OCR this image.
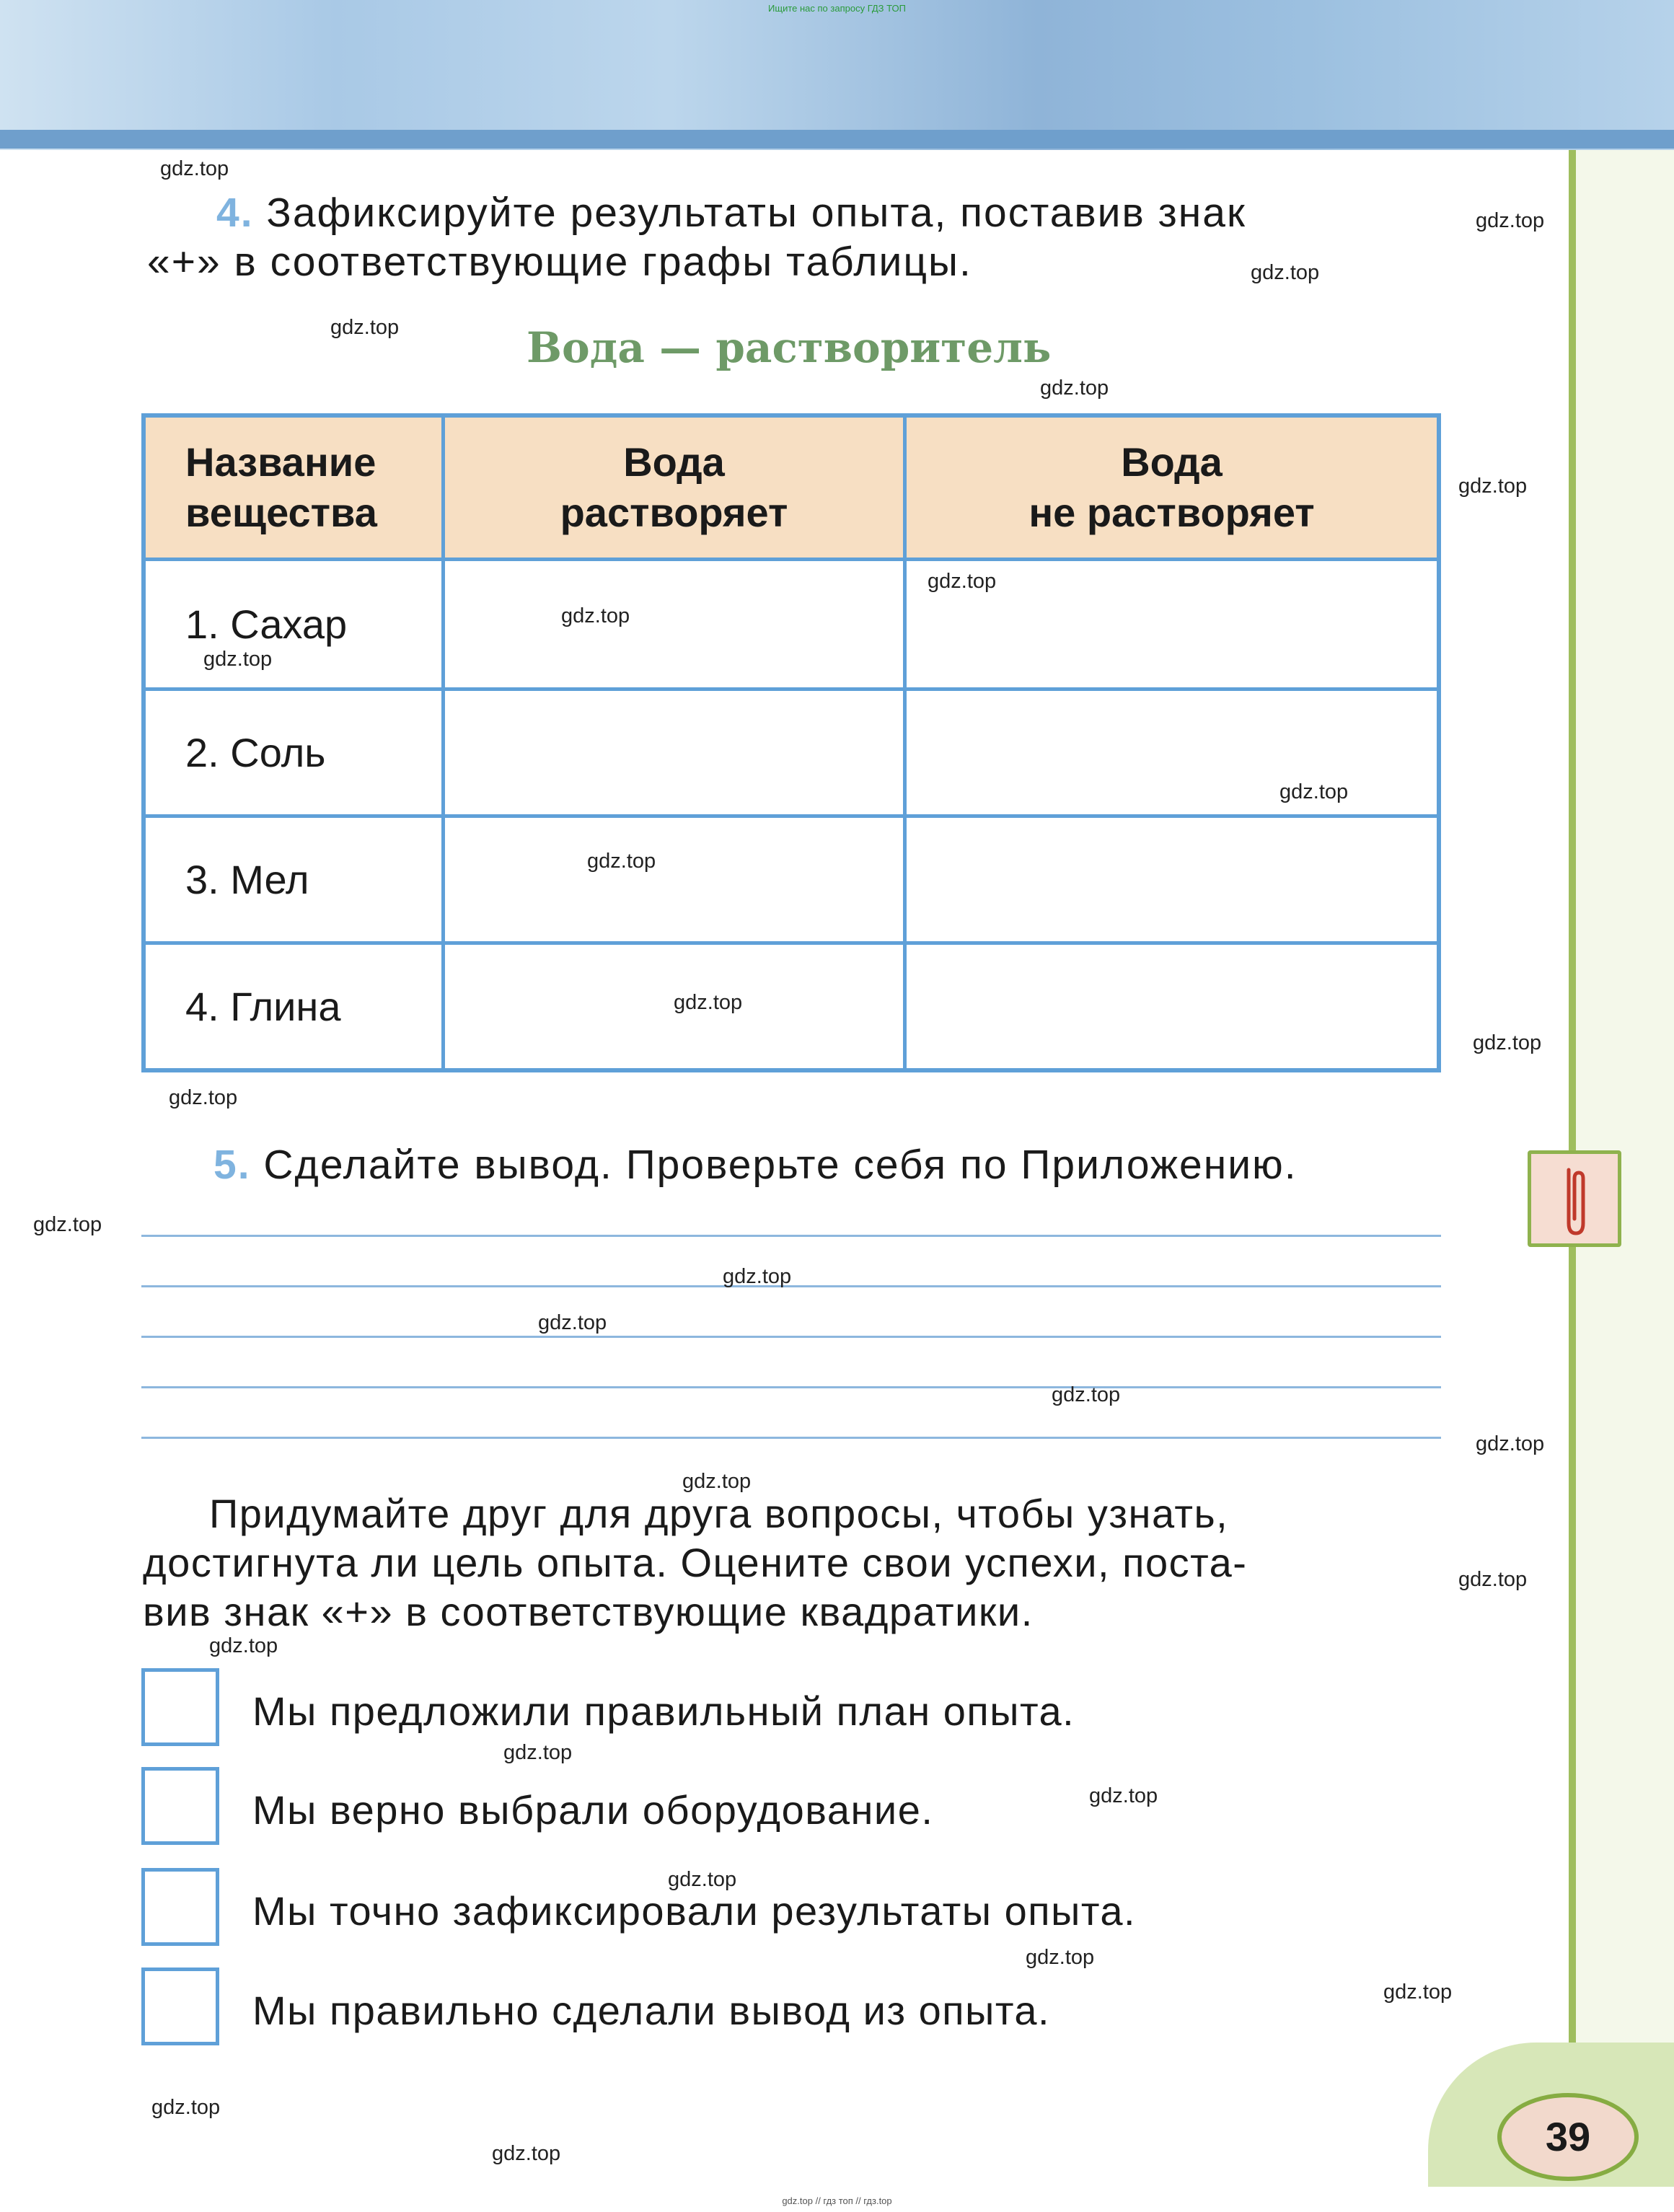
Ищите нас по запросу ГДЗ ТОП
39
4. Зафиксируйте результаты опыта, поставив знак
«+» в соответствующие графы таблицы.
Вода — растворитель
Название
вещества
Вода
растворяет
Вода
не растворяет
1. Сахар
2. Соль
3. Мел
4. Глина
5. Сделайте вывод. Проверьте себя по Приложению.
Придумайте друг для друга вопросы, чтобы узнать,
достигнута ли цель опыта. Оцените свои успехи, поста-
вив знак «+» в соответствующие квадратики.
Мы предложили правильный план опыта.
Мы верно выбрали оборудование.
Мы точно зафиксировали результаты опыта.
Мы правильно сделали вывод из опыта.
gdz.top
gdz.top
gdz.top
gdz.top
gdz.top
gdz.top
gdz.top
gdz.top
gdz.top
gdz.top
gdz.top
gdz.top
gdz.top
gdz.top
gdz.top
gdz.top
gdz.top
gdz.top
gdz.top
gdz.top
gdz.top
gdz.top
gdz.top
gdz.top
gdz.top
gdz.top
gdz.top
gdz.top
gdz.top
gdz.top // гдз топ // гдз.top
